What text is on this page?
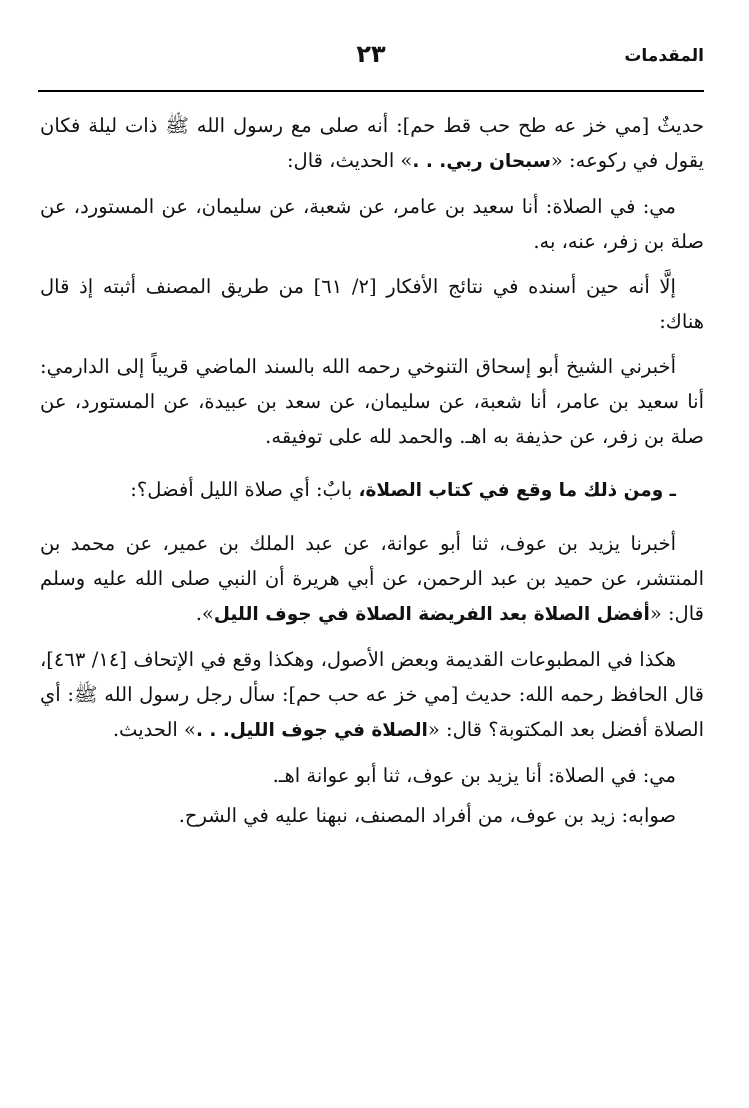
المقدمات
٢٣

حديثٌ [مي خز عه طح حب قط حم]: أنه صلى مع رسول الله ﷺ ذات ليلة فكان يقول في ركوعه: «سبحان ربي. . .» الحديث، قال:

مي: في الصلاة: أنا سعيد بن عامر، عن شعبة، عن سليمان، عن المستورد، عن صلة بن زفر، عنه، به.

إلَّا أنه حين أسنده في نتائج الأفكار [٢/ ٦١] من طريق المصنف أثبته إذ قال هناك:

أخبرني الشيخ أبو إسحاق التنوخي رحمه الله بالسند الماضي قريباً إلى الدارمي: أنا سعيد بن عامر، أنا شعبة، عن سليمان، عن سعد بن عبيدة، عن المستورد، عن صلة بن زفر، عن حذيفة به اهـ. والحمد لله على توفيقه.

ـ ومن ذلك ما وقع في كتاب الصلاة، بابٌ: أي صلاة الليل أفضل؟:

أخبرنا يزيد بن عوف، ثنا أبو عوانة، عن عبد الملك بن عمير، عن محمد بن المنتشر، عن حميد بن عبد الرحمن، عن أبي هريرة أن النبي صلى الله عليه وسلم قال: «أفضل الصلاة بعد الفريضة الصلاة في جوف الليل».

هكذا في المطبوعات القديمة وبعض الأصول، وهكذا وقع في الإتحاف [١٤/ ٤٦٣]، قال الحافظ رحمه الله: حديث [مي خز عه حب حم]: سأل رجل رسول الله ﷺ: أي الصلاة أفضل بعد المكتوبة؟ قال: «الصلاة في جوف الليل. . .» الحديث.

مي: في الصلاة: أنا يزيد بن عوف، ثنا أبو عوانة اهـ.

صوابه: زيد بن عوف، من أفراد المصنف، نبهنا عليه في الشرح.
